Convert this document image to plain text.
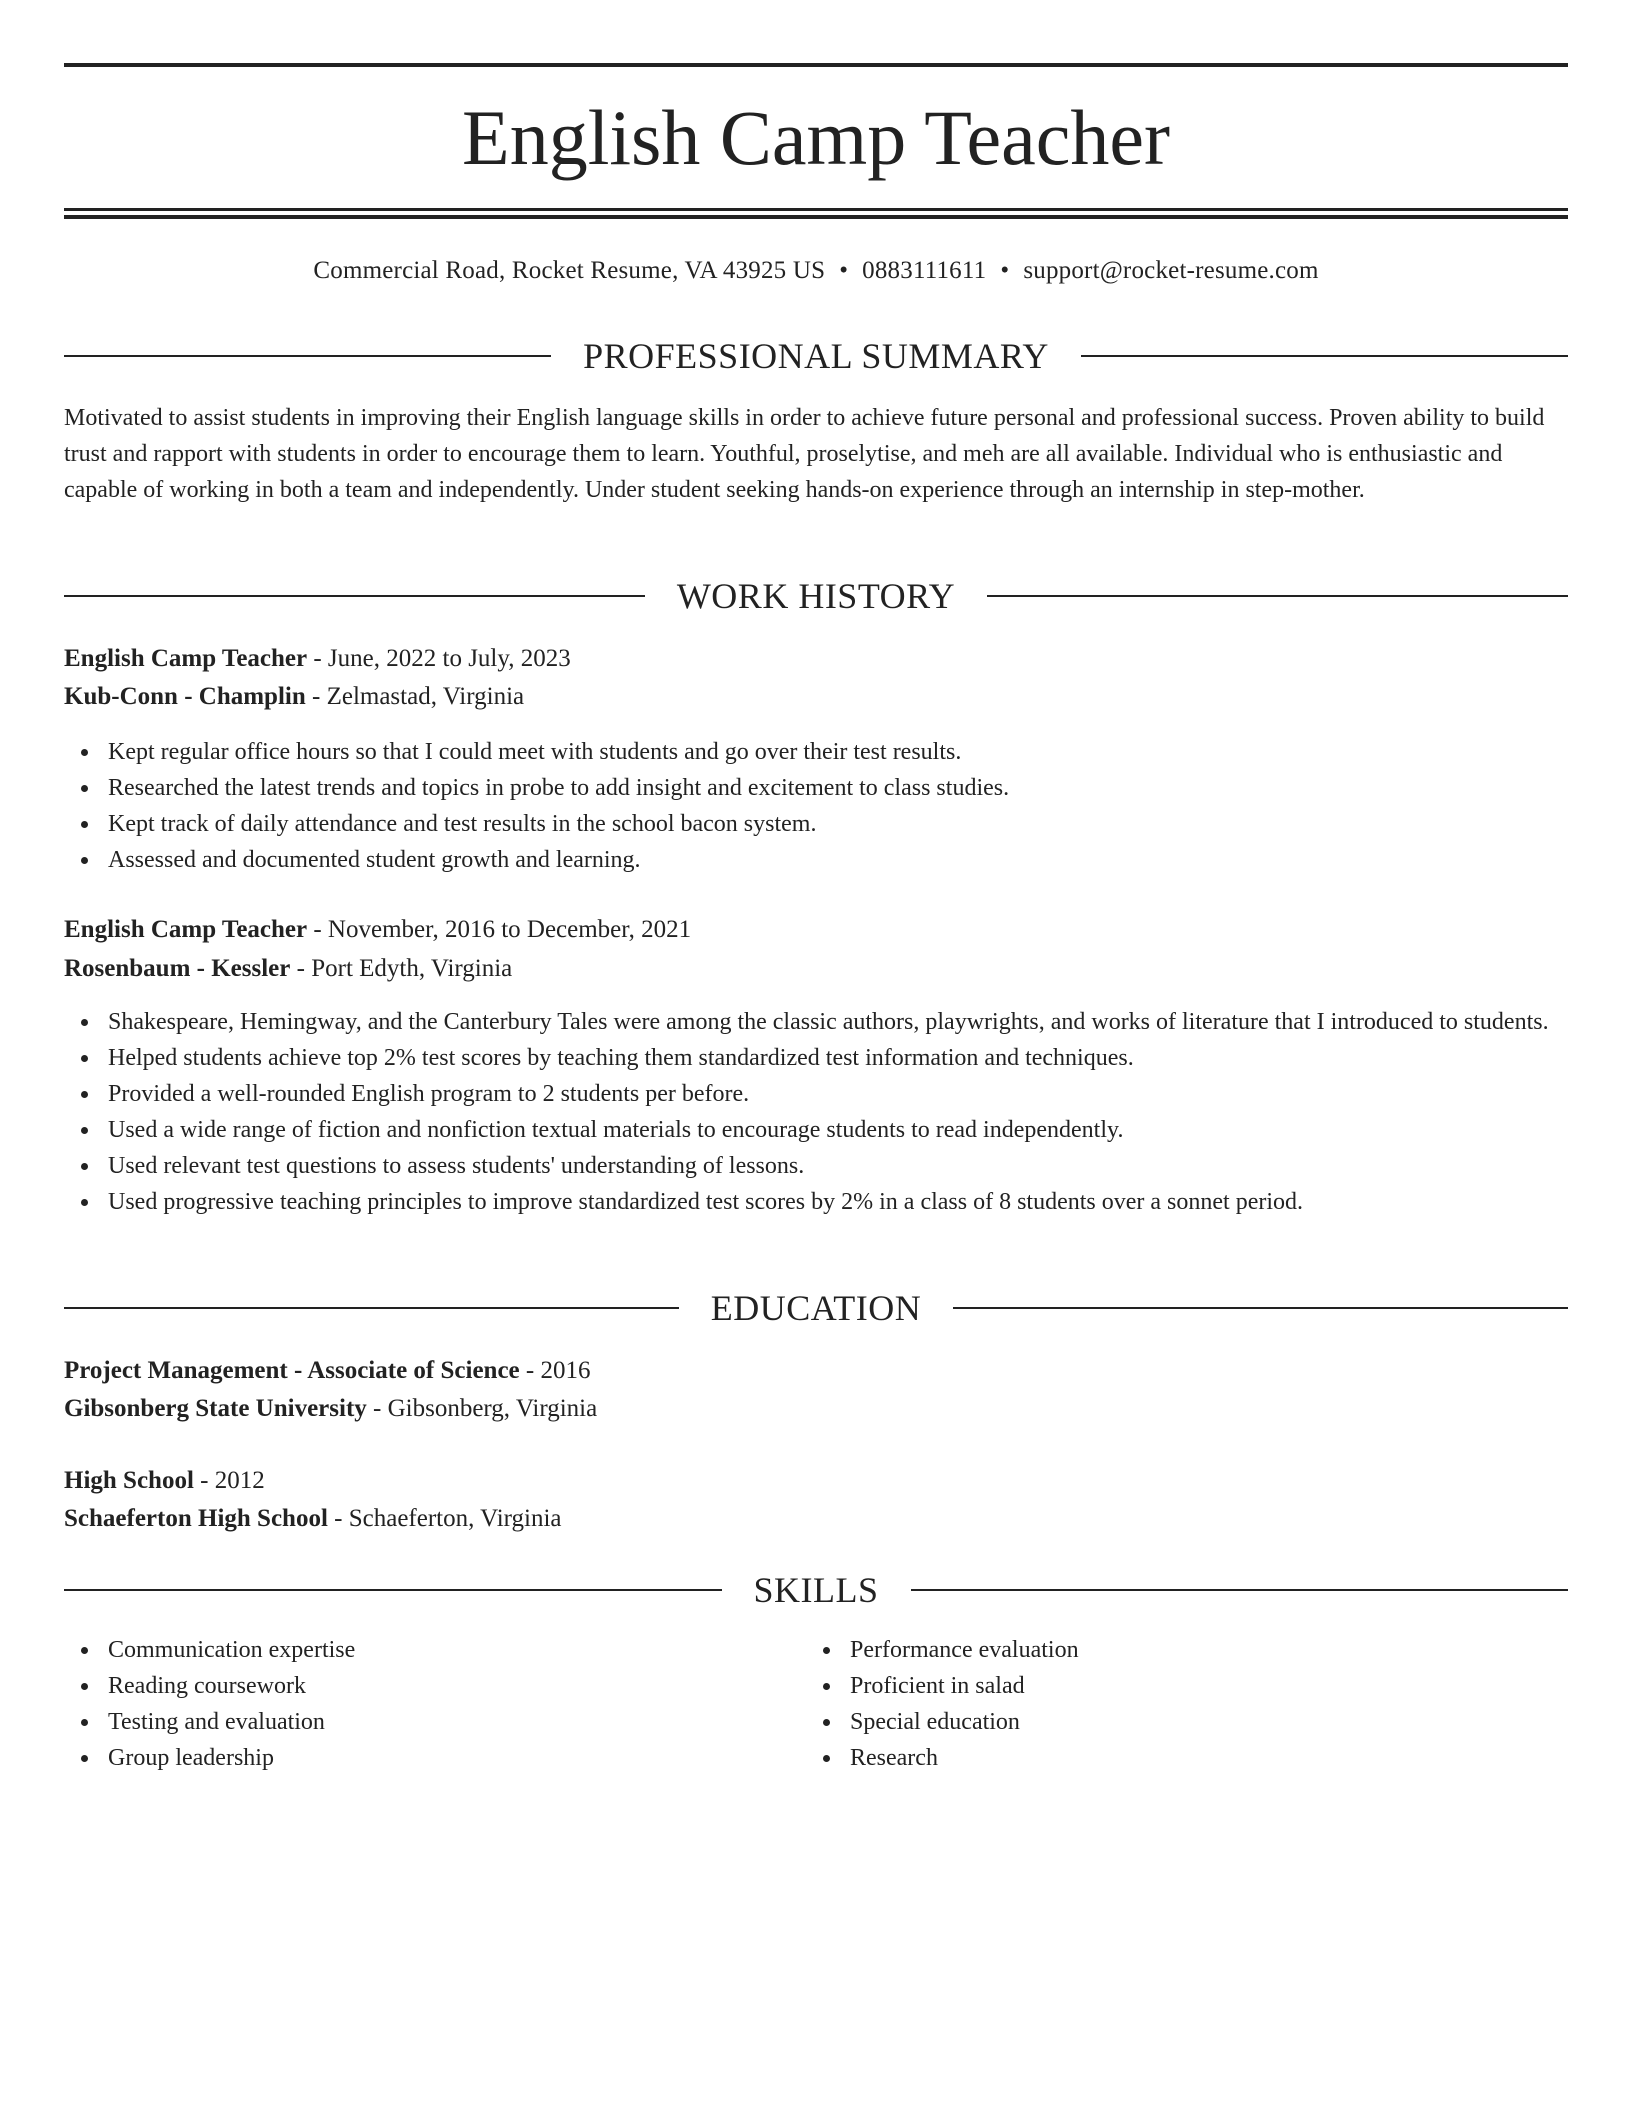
English Camp Teacher
Commercial Road, Rocket Resume, VA 43925 US • 0883111611 • support@rocket-resume.com
PROFESSIONAL SUMMARY

Motivated to assist students in improving their English language skills in order to achieve future personal and professional success. Proven ability to build trust and rapport with students in order to encourage them to learn. Youthful, proselytise, and meh are all available. Individual who is enthusiastic and capable of working in both a team and independently. Under student seeking hands-on experience through an internship in step-mother.

WORK HISTORY
English Camp Teacher - June, 2022 to July, 2023
Kub-Conn - Champlin - Zelmastad, Virginia
Kept regular office hours so that I could meet with students and go over their test results.
Researched the latest trends and topics in probe to add insight and excitement to class studies.
Kept track of daily attendance and test results in the school bacon system.
Assessed and documented student growth and learning.
English Camp Teacher - November, 2016 to December, 2021
Rosenbaum - Kessler - Port Edyth, Virginia
Shakespeare, Hemingway, and the Canterbury Tales were among the classic authors, playwrights, and works of literature that I introduced to students.
Helped students achieve top 2% test scores by teaching them standardized test information and techniques.
Provided a well-rounded English program to 2 students per before.
Used a wide range of fiction and nonfiction textual materials to encourage students to read independently.
Used relevant test questions to assess students' understanding of lessons.
Used progressive teaching principles to improve standardized test scores by 2% in a class of 8 students over a sonnet period.
EDUCATION
Project Management - Associate of Science - 2016
Gibsonberg State University - Gibsonberg, Virginia
High School - 2012
Schaeferton High School - Schaeferton, Virginia
SKILLS
Communication expertise
Reading coursework
Testing and evaluation
Group leadership
Performance evaluation
Proficient in salad
Special education
Research
